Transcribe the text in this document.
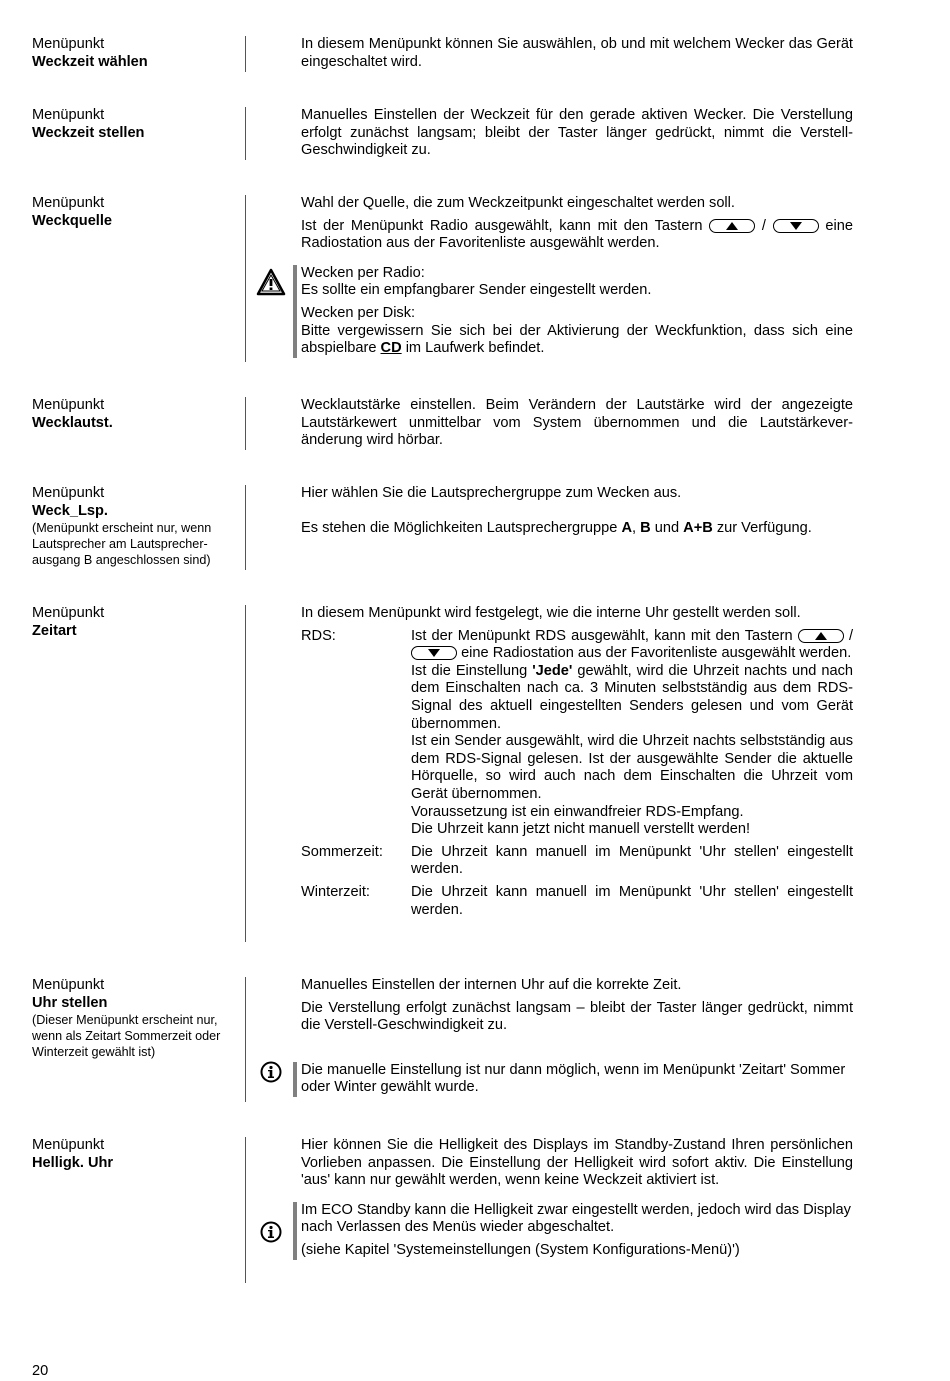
Menüpunkt
Weckzeit wählen

In diesem Menüpunkt können Sie auswählen, ob und mit welchem Wecker das Gerät eingeschaltet wird.

Menüpunkt
Weckzeit stellen

Manuelles Einstellen der Weckzeit für den gerade aktiven Wecker. Die Verstellung erfolgt zunächst langsam; bleibt der Taster länger gedrückt, nimmt die Verstell-Geschwindigkeit zu.

Menüpunkt
Weckquelle

Wahl der Quelle, die zum Weckzeitpunkt eingeschaltet werden soll.

Ist der Menüpunkt Radio ausgewählt, kann mit den Tastern	/	eine Radiostation aus der Favoritenliste ausgewählt werden.

Wecken per Radio:

Es sollte ein empfangbarer Sender eingestellt werden.

Wecken per Disk:

Bitte vergewissern Sie sich bei der Aktivierung der Weckfunktion, dass sich eine abspielbare CD im Laufwerk befindet.

Menüpunkt
Wecklautst.

Wecklautstärke einstellen. Beim Verändern der Lautstärke wird der angezeigte Lautstärkewert unmittelbar vom System übernommen und die Lautstärkeveränderung wird hörbar.

Menüpunkt
Weck_Lsp.
(Menüpunkt erscheint nur, wenn Lautsprecher am Lautsprecherausgang B angeschlossen sind)

Hier wählen Sie die Lautsprechergruppe zum Wecken aus.

Es stehen die Möglichkeiten Lautsprechergruppe A, B und A+B zur Verfügung.

Menüpunkt
Zeitart

In diesem Menüpunkt wird festgelegt, wie die interne Uhr gestellt werden soll.

RDS:	Ist der Menüpunkt RDS ausgewählt, kann mit den Tastern	/
eine Radiostation aus der Favoritenliste ausgewählt werden.

Ist die Einstellung 'Jede' gewählt, wird die Uhrzeit nachts und nach dem Einschalten nach ca. 3 Minuten selbstständig aus dem RDS-Signal des aktuell eingestellten Senders gelesen und vom Gerät übernommen.

Ist ein Sender ausgewählt, wird die Uhrzeit nachts selbstständig aus dem RDS-Signal gelesen. Ist der ausgewählte Sender die aktuelle Hörquelle, so wird auch nach dem Einschalten die Uhrzeit vom Gerät übernommen.

Voraussetzung ist ein einwandfreier RDS-Empfang.

Die Uhrzeit kann jetzt nicht manuell verstellt werden!

Sommerzeit:	Die Uhrzeit kann manuell im Menüpunkt 'Uhr stellen' eingestellt werden.
Winterzeit:	Die Uhrzeit kann manuell im Menüpunkt 'Uhr stellen' eingestellt werden.
Menüpunkt
Uhr stellen
(Dieser Menüpunkt erscheint nur, wenn als Zeitart Sommerzeit oder Winterzeit gewählt ist)

Manuelles Einstellen der internen Uhr auf die korrekte Zeit.

Die Verstellung erfolgt zunächst langsam – bleibt der Taster länger gedrückt, nimmt die Verstell-Geschwindigkeit zu.

Die manuelle Einstellung ist nur dann möglich, wenn im Menüpunkt 'Zeitart' Sommer oder Winter gewählt wurde.

Menüpunkt
Helligk. Uhr

Hier können Sie die Helligkeit des Displays im Standby-Zustand Ihren persönlichen Vorlieben anpassen. Die Einstellung der Helligkeit wird sofort aktiv. Die Einstellung 'aus' kann nur gewählt werden, wenn keine Weckzeit aktiviert ist.

Im ECO Standby kann die Helligkeit zwar eingestellt werden, jedoch wird das Display nach Verlassen des Menüs wieder abgeschaltet.

(siehe Kapitel 'Systemeinstellungen (System Konfigurations-Menü)')

20
